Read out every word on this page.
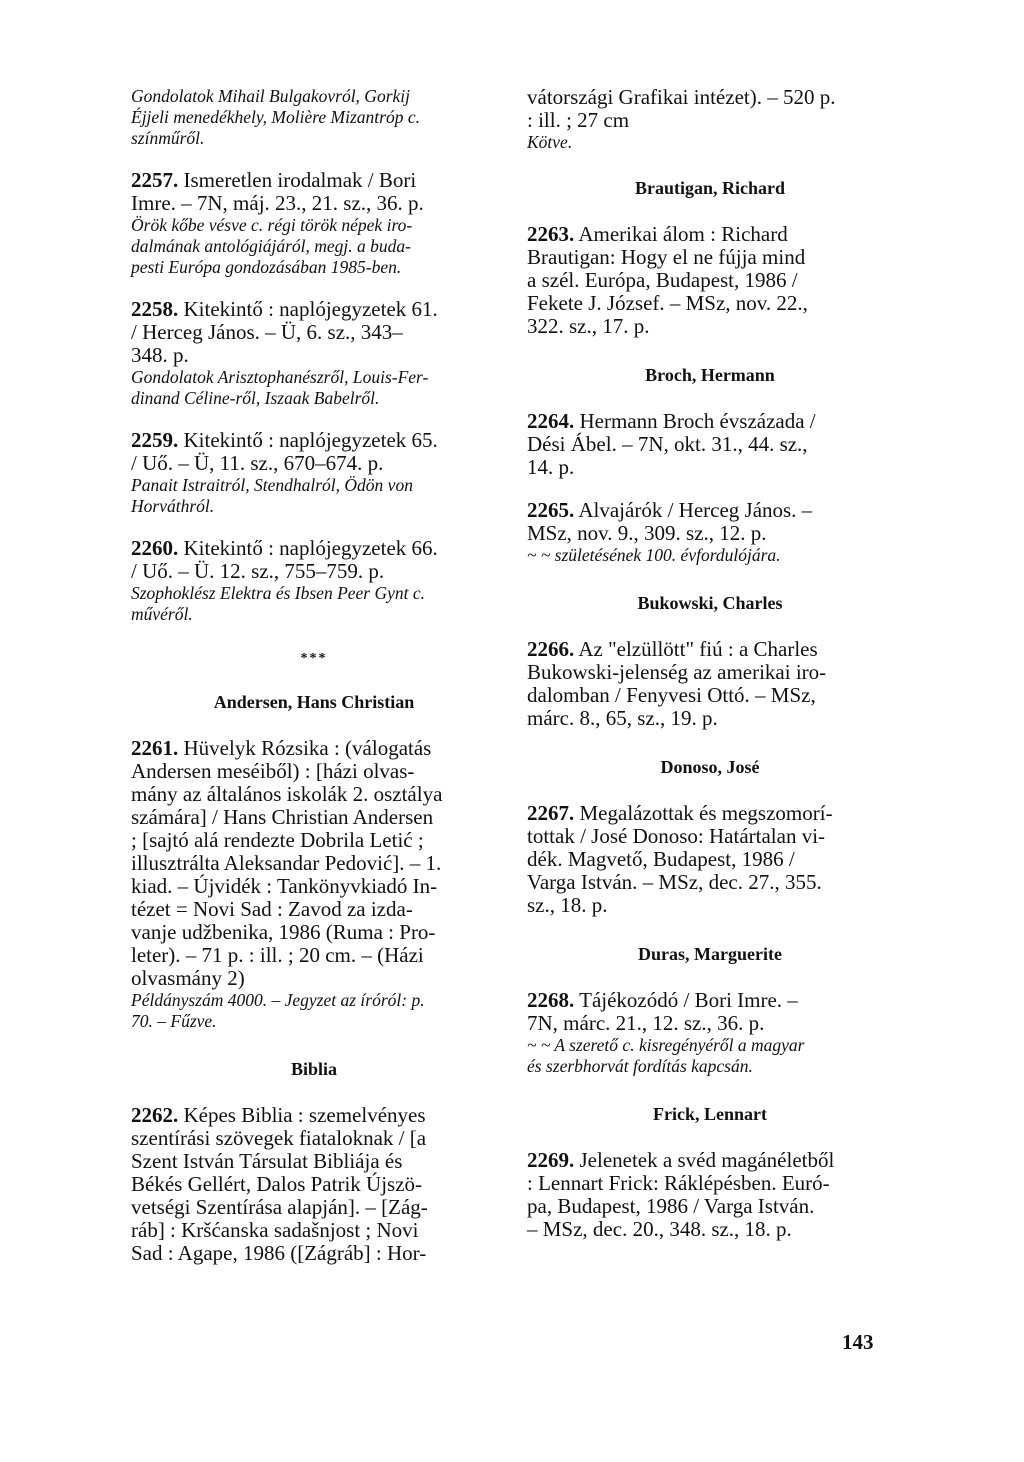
Gondolatok Mihail Bulgakovról, Gorkij
Éjjeli menedékhely, Molière Mizantróp c.
színműről.
2257. Ismeretlen irodalmak / Bori
Imre. – 7N, máj. 23., 21. sz., 36. p.
Örök kőbe vésve c. régi török népek iro-
dalmának antológiájáról, megj. a buda-
pesti Európa gondozásában 1985-ben.
2258. Kitekintő : naplójegyzetek 61.
/ Herceg János. – Ü, 6. sz., 343–
348. p.
Gondolatok Arisztophanészről, Louis-Fer-
dinand Céline-ről, Iszaak Babelről.
2259. Kitekintő : naplójegyzetek 65.
/ Uő. – Ü, 11. sz., 670–674. p.
Panait Istraitról, Stendhalról, Ödön von
Horváthról.
2260. Kitekintő : naplójegyzetek 66.
/ Uő. – Ü. 12. sz., 755–759. p.
Szophoklész Elektra és Ibsen Peer Gynt c.
művéről.
***
Andersen, Hans Christian
2261. Hüvelyk Rózsika : (válogatás
Andersen meséiből) : [házi olvas-
mány az általános iskolák 2. osztálya
számára] / Hans Christian Andersen
; [sajtó alá rendezte Dobrila Letić ;
illusztrálta Aleksandar Pedović]. – 1.
kiad. – Újvidék : Tankönyvkiadó In-
tézet = Novi Sad : Zavod za izda-
vanje udžbenika, 1986 (Ruma : Pro-
leter). – 71 p. : ill. ; 20 cm. – (Házi
olvasmány 2)
Példányszám 4000. – Jegyzet az íróról: p.
70. – Fűzve.
Biblia
2262. Képes Biblia : szemelvényes
szentírási szövegek fiataloknak / [a
Szent István Társulat Bibliája és
Békés Gellért, Dalos Patrik Újszö-
vetségi Szentírása alapján]. – [Zág-
ráb] : Kršćanska sadašnjost ; Novi
Sad : Agape, 1986 ([Zágráb] : Hor-
vátországi Grafikai intézet). – 520 p.
: ill. ; 27 cm
Kötve.
Brautigan, Richard
2263. Amerikai álom : Richard
Brautigan: Hogy el ne fújja mind
a szél. Európa, Budapest, 1986 /
Fekete J. József. – MSz, nov. 22.,
322. sz., 17. p.
Broch, Hermann
2264. Hermann Broch évszázada /
Dési Ábel. – 7N, okt. 31., 44. sz.,
14. p.
2265. Alvajárók / Herceg János. –
MSz, nov. 9., 309. sz., 12. p.
~ ~ születésének 100. évfordulójára.
Bukowski, Charles
2266. Az "elzüllött" fiú : a Charles
Bukowski-jelenség az amerikai iro-
dalomban / Fenyvesi Ottó. – MSz,
márc. 8., 65, sz., 19. p.
Donoso, José
2267. Megalázottak és megszomorí-
tottak / José Donoso: Határtalan vi-
dék. Magvető, Budapest, 1986 /
Varga István. – MSz, dec. 27., 355.
sz., 18. p.
Duras, Marguerite
2268. Tájékozódó / Bori Imre. –
7N, márc. 21., 12. sz., 36. p.
~ ~ A szerető c. kisregényéről a magyar
és szerbhorvát fordítás kapcsán.
Frick, Lennart
2269. Jelenetek a svéd magánéletből
: Lennart Frick: Ráklépésben. Euró-
pa, Budapest, 1986 / Varga István.
– MSz, dec. 20., 348. sz., 18. p.
143
